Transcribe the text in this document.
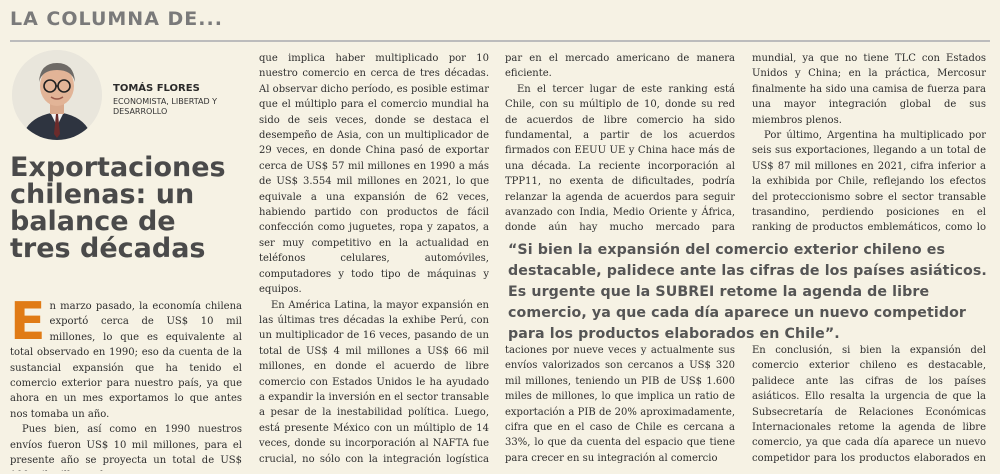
LA COLUMNA DE...
TOMÁS FLORES
ECONOMISTA, LIBERTAD Y DESARROLLO
Exportaciones chilenas: un balance de tres décadas

En marzo pasado, la economía chilena exportó cerca de US$ 10 mil millones, lo que es equivalente al total observado en 1990; eso da cuenta de la sustancial expansión que ha tenido el comercio exterior para nuestro país, ya que ahora en un mes exportamos lo que antes nos tomaba un año.

Pues bien, así como en 1990 nuestros envíos fueron US$ 10 mil millones, para el presente año se proyecta un total de US$

que implica haber multiplicado por 10 nuestro comercio en cerca de tres décadas. Al observar dicho período, es posible estimar que el múltiplo para el comercio mundial ha sido de seis veces, donde se destaca el desempeño de Asia, con un multiplicador de 29 veces, en donde China pasó de exportar cerca de US$ 57 mil millones en 1990 a más de US$ 3.554 mil millones en 2021, lo que equivale a una expansión de 62 veces, habiendo partido con productos de fácil confección como juguetes, ropa y zapatos, a ser muy competitivo en la actualidad en teléfonos celulares, automóviles, computadores y todo tipo de máquinas y equipos.

En América Latina, la mayor expansión en las últimas tres décadas la exhibe Perú, con un multiplicador de 16 veces, pasando de un total de US$ 4 mil millones a US$ 66 mil millones, en donde el acuerdo de libre comercio con Estados Unidos le ha ayudado a expandir la inversión en el sector transable a pesar de la inestabilidad política. Luego, está presente México con un múltiplo de 14 veces, donde su incorporación al NAFTA fue crucial, no sólo con la integración logística

par en el mercado americano de manera eficiente.

En el tercer lugar de este ranking está Chile, con su múltiplo de 10, donde su red de acuerdos de libre comercio ha sido fundamental, a partir de los acuerdos firmados con EEUU UE y China hace más de una década. La reciente incorporación al TPP11, no exenta de dificultades, podría relanzar la agenda de acuerdos para seguir avanzado con India, Medio Oriente y África, donde aún hay mucho mercado para

mundial, ya que no tiene TLC con Estados Unidos y China; en la práctica, Mercosur finalmente ha sido una camisa de fuerza para una mayor integración global de sus miembros plenos.

Por último, Argentina ha multiplicado por seis sus exportaciones, llegando a un total de US$ 87 mil millones en 2021, cifra inferior a la exhibida por Chile, reflejando los efectos del proteccionismo sobre el sector transable trasandino, perdiendo posiciones en el ranking de productos emblemáticos, como lo

“Si bien la expansión del comercio exterior chileno es destacable, palidece ante las cifras de los países asiáticos. Es urgente que la SUBREI retome la agenda de libre comercio, ya que cada día aparece un nuevo competidor para los productos elaborados en Chile”.

taciones por nueve veces y actualmente sus envíos valorizados son cercanos a US$ 320 mil millones, teniendo un PIB de US$ 1.600 miles de millones, lo que implica un ratio de exportación a PIB de 20% aproximadamente, cifra que en el caso de Chile es cercana a 33%, lo que da cuenta del espacio que tiene para crecer en su integración al comercio

En conclusión, si bien la expansión del comercio exterior chileno es destacable, palidece ante las cifras de los países asiáticos. Ello resalta la urgencia de que la Subsecretaría de Relaciones Económicas Internacionales retome la agenda de libre comercio, ya que cada día aparece un nuevo competidor para los productos elaborados en
